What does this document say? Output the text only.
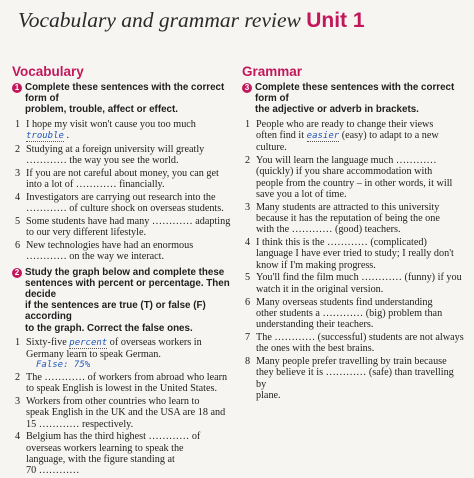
Vocabulary and grammar review Unit 1
Vocabulary
1 Complete these sentences with the correct form of
problem, trouble, affect or effect.
1 I hope my visit won't cause you too much
trouble .
2 Studying at a foreign university will greatly
………… the way you see the world.
3 If you are not careful about money, you can get
into a lot of ………… financially.
4 Investigators are carrying out research into the
………… of culture shock on overseas students.
5 Some students have had many ………… adapting
to our very different lifestyle.
6 New technologies have had an enormous
………… on the way we interact.
2 Study the graph below and complete these
sentences with percent or percentage. Then decide
if the sentences are true (T) or false (F) according
to the graph. Correct the false ones.
1 Sixty-five percent of overseas workers in
Germany learn to speak German.
False: 75%
2 The ………… of workers from abroad who learn
to speak English is lowest in the United States.
3 Workers from other countries who learn to
speak English in the UK and the USA are 18 and
15 ………… respectively.
4 Belgium has the third highest ………… of
overseas workers learning to speak the
language, with the figure standing at
70 …………
Grammar
3 Complete these sentences with the correct form of
the adjective or adverb in brackets.
1 People who are ready to change their views
often find it easier (easy) to adapt to a new
culture.
2 You will learn the language much …………
(quickly) if you share accommodation with
people from the country – in other words, it will
save you a lot of time.
3 Many students are attracted to this university
because it has the reputation of being the one
with the ………… (good) teachers.
4 I think this is the ………… (complicated)
language I have ever tried to study; I really don't
know if I'm making progress.
5 You'll find the film much ………… (funny) if you
watch it in the original version.
6 Many overseas students find understanding
other students a ………… (big) problem than
understanding their teachers.
7 The ………… (successful) students are not always
the ones with the best brains.
8 Many people prefer travelling by train because
they believe it is ………… (safe) than travelling by
plane.
